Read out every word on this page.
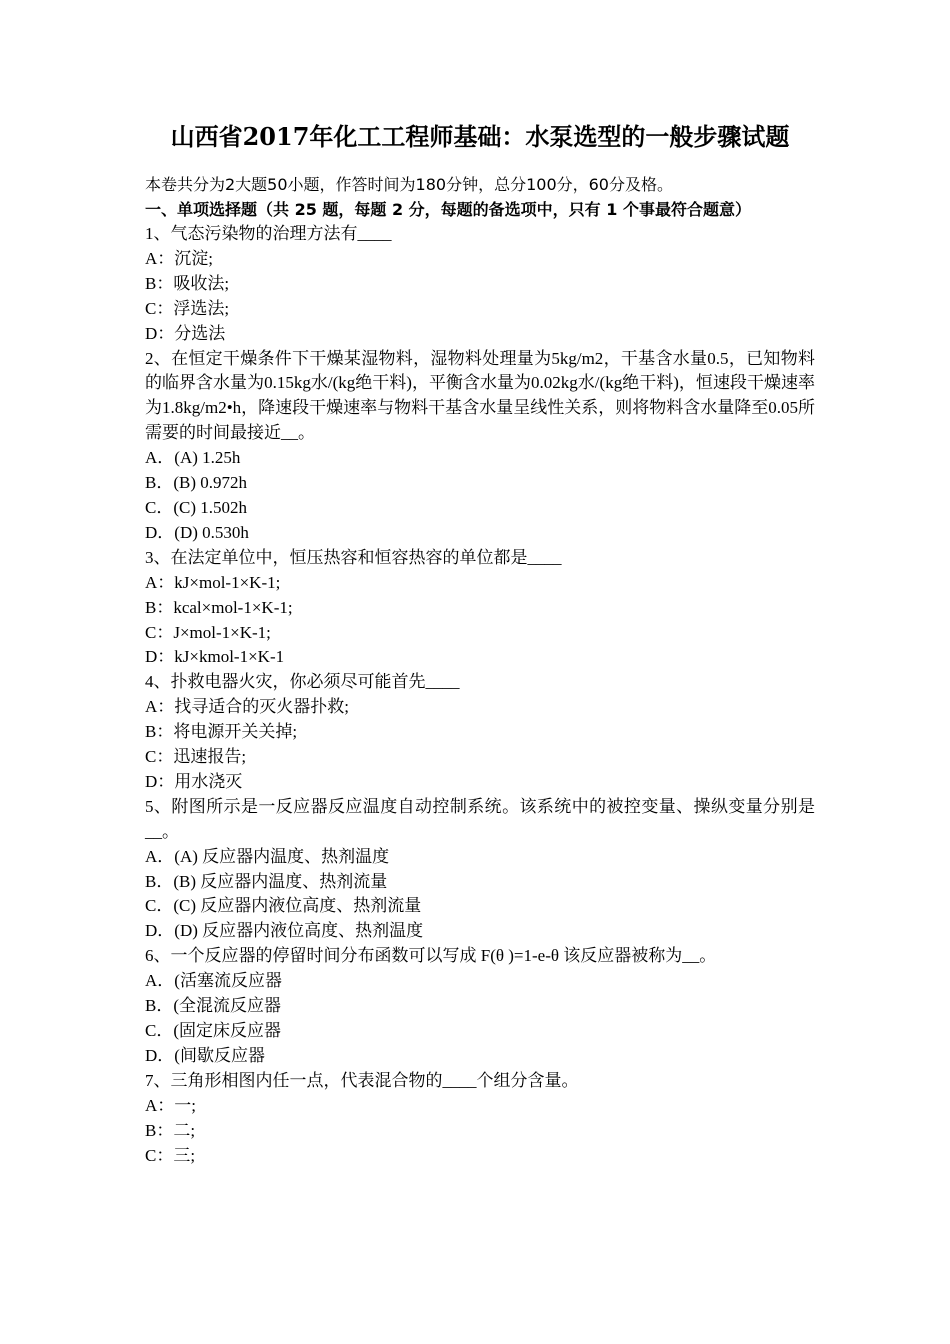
山西省2017年化工工程师基础：水泵选型的一般步骤试题
本卷共分为2大题50小题，作答时间为180分钟，总分100分，60分及格。
一、单项选择题（共 25 题，每题 2 分，每题的备选项中，只有 1 个事最符合题意）
1、气态污染物的治理方法有____
A：沉淀;
B：吸收法;
C：浮选法;
D：分选法
2、在恒定干燥条件下干燥某湿物料，湿物料处理量为5kg/m2，干基含水量0.5，已知物料的临界含水量为0.15kg水/(kg绝干料)，平衡含水量为0.02kg水/(kg绝干料)，恒速段干燥速率为1.8kg/m2•h，降速段干燥速率与物料干基含水量呈线性关系，则将物料含水量降至0.05所需要的时间最接近__。
A．(A) 1.25h
B．(B) 0.972h
C．(C) 1.502h
D．(D) 0.530h
3、在法定单位中，恒压热容和恒容热容的单位都是____
A：kJ×mol-1×K-1;
B：kcal×mol-1×K-1;
C：J×mol-1×K-1;
D：kJ×kmol-1×K-1
4、扑救电器火灾，你必须尽可能首先____
A：找寻适合的灭火器扑救;
B：将电源开关关掉;
C：迅速报告;
D：用水浇灭
5、附图所示是一反应器反应温度自动控制系统。该系统中的被控变量、操纵变量分别是__。
A．(A) 反应器内温度、热剂温度
B．(B) 反应器内温度、热剂流量
C．(C) 反应器内液位高度、热剂流量
D．(D) 反应器内液位高度、热剂温度
6、一个反应器的停留时间分布函数可以写成 F(θ )=1-e-θ 该反应器被称为__。
A．(活塞流反应器
B．(全混流反应器
C．(固定床反应器
D．(间歇反应器
7、三角形相图内任一点，代表混合物的____个组分含量。
A：一;
B：二;
C：三;
